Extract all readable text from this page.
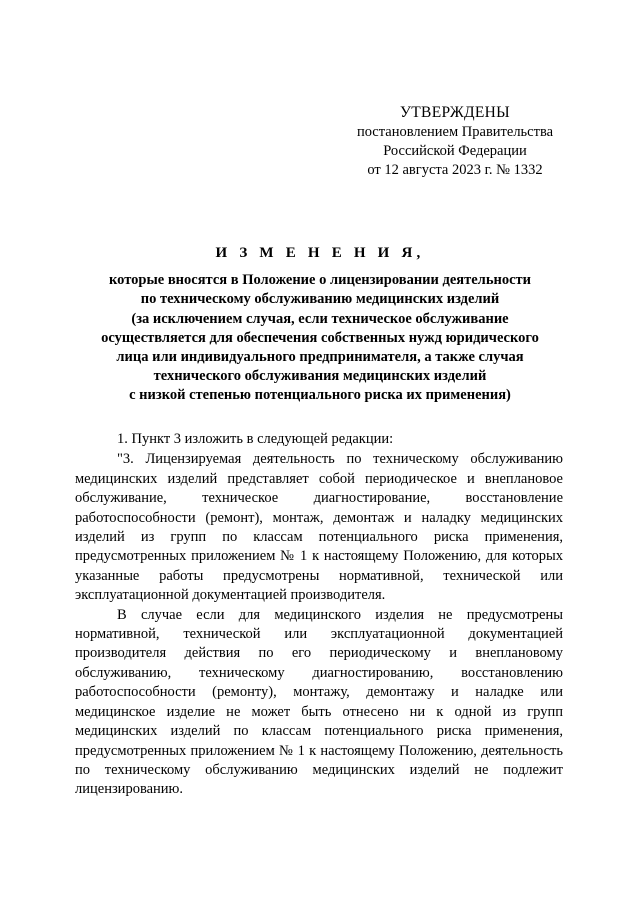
УТВЕРЖДЕНЫ
постановлением Правительства
Российской Федерации
от 12 августа 2023 г. № 1332
И З М Е Н Е Н И Я,
которые вносятся в Положение о лицензировании деятельности
по техническому обслуживанию медицинских изделий
(за исключением случая, если техническое обслуживание
осуществляется для обеспечения собственных нужд юридического
лица или индивидуального предпринимателя, а также случая
технического обслуживания медицинских изделий
с низкой степенью потенциального риска их применения)

1. Пункт 3 изложить в следующей редакции:

"3. Лицензируемая деятельность по техническому обслуживанию медицинских изделий представляет собой периодическое и внеплановое обслуживание, техническое диагностирование, восстановление работоспособности (ремонт), монтаж, демонтаж и наладку медицинских изделий из групп по классам потенциального риска применения, предусмотренных приложением № 1 к настоящему Положению, для которых указанные работы предусмотрены нормативной, технической или эксплуатационной документацией производителя.

В случае если для медицинского изделия не предусмотрены нормативной, технической или эксплуатационной документацией производителя действия по его периодическому и внеплановому обслуживанию, техническому диагностированию, восстановлению работоспособности (ремонту), монтажу, демонтажу и наладке или медицинское изделие не может быть отнесено ни к одной из групп медицинских изделий по классам потенциального риска применения, предусмотренных приложением № 1 к настоящему Положению, деятельность по техническому обслуживанию медицинских изделий не подлежит лицензированию.
